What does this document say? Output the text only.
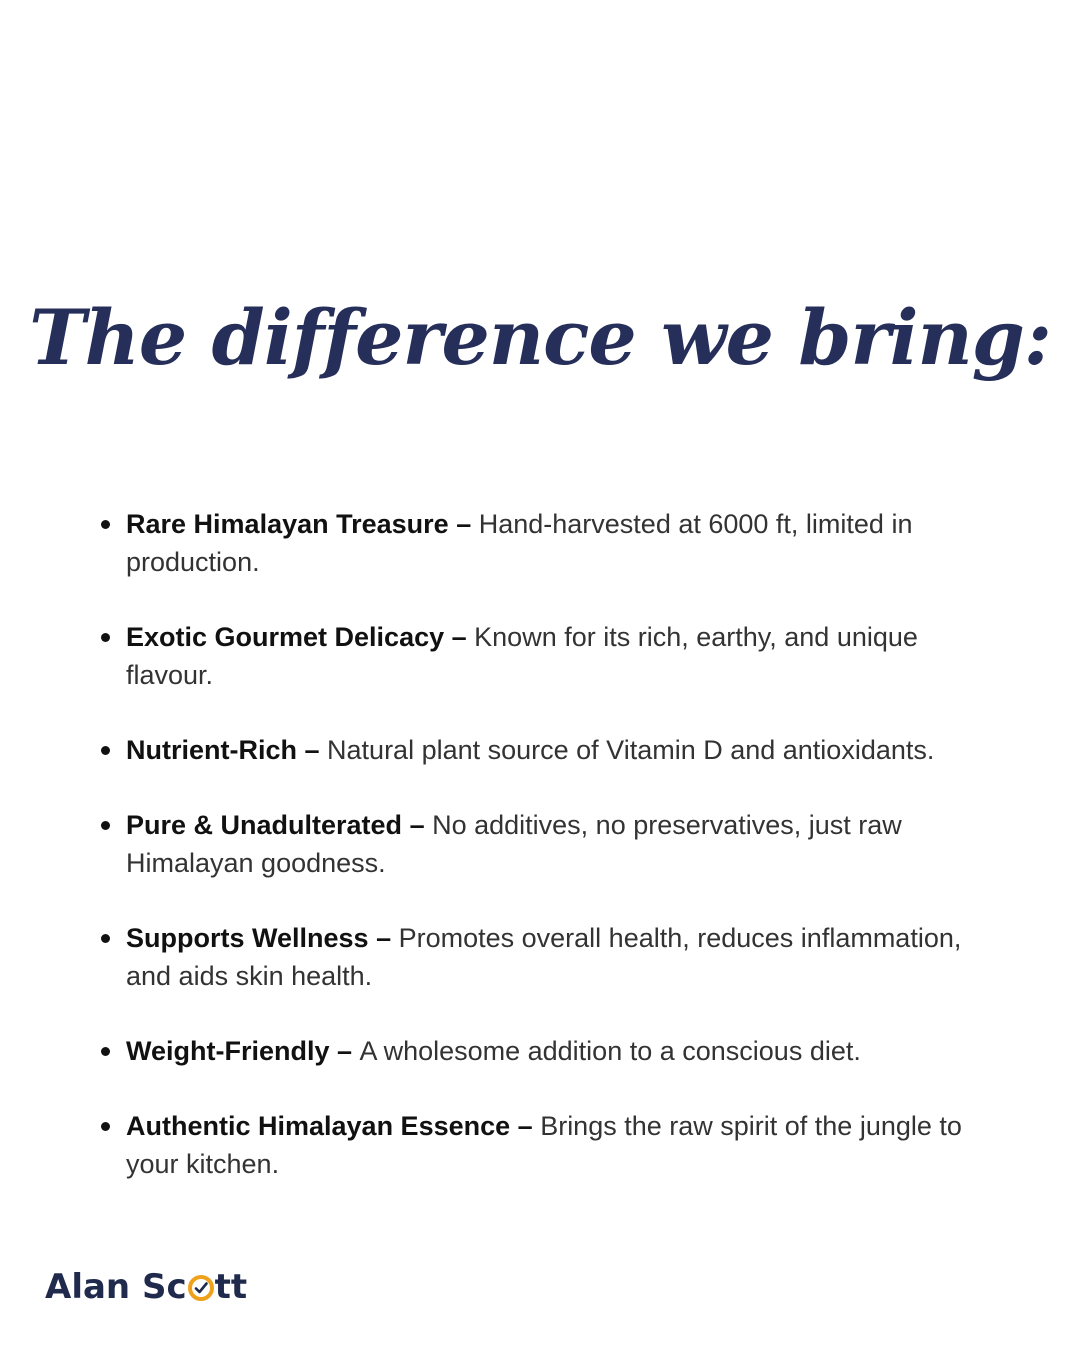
The difference we bring:
Rare Himalayan Treasure – Hand-harvested at 6000 ft, limited in production.
Exotic Gourmet Delicacy – Known for its rich, earthy, and unique flavour.
Nutrient-Rich – Natural plant source of Vitamin D and antioxidants.
Pure & Unadulterated – No additives, no preservatives, just raw Himalayan goodness.
Supports Wellness – Promotes overall health, reduces inflammation, and aids skin health.
Weight-Friendly – A wholesome addition to a conscious diet.
Authentic Himalayan Essence – Brings the raw spirit of the jungle to your kitchen.
Alan Sc tt
